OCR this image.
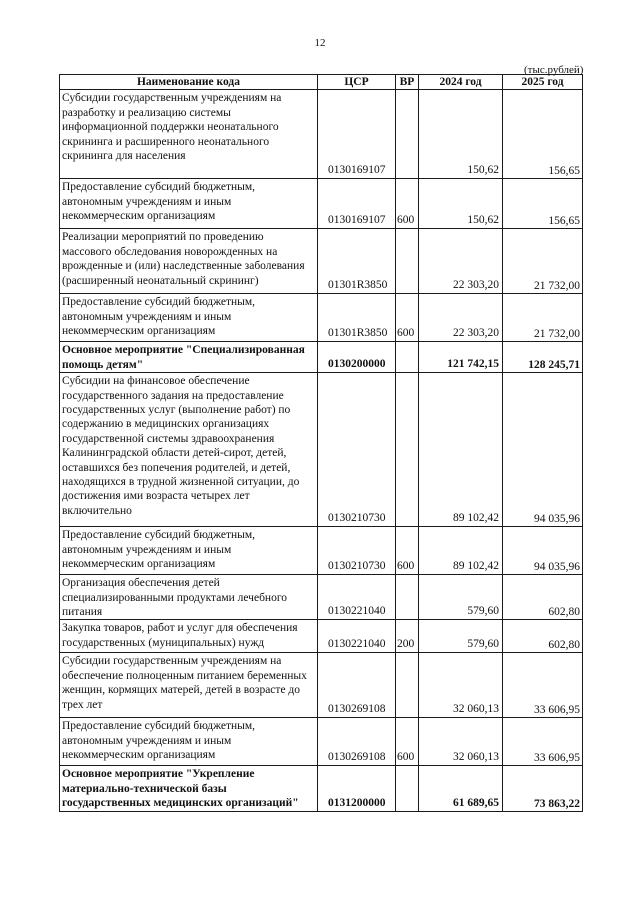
12
(тыс.рублей)
Наименование кода	ЦСР	ВР	2024 год	2025 год
Субсидии государственным учреждениям на разработку и реализацию системы информационной поддержки неонатального скрининга и расширенного неонатального скрининга для населения	0130169107		150,62	156,65
Предоставление субсидий бюджетным, автономным учреждениям и иным некоммерческим организациям	0130169107	600	150,62	156,65
Реализации мероприятий по проведению массового обследования новорожденных на врожденные и (или) наследственные заболевания (расширенный неонатальный скрининг)	01301R3850		22 303,20	21 732,00
Предоставление субсидий бюджетным, автономным учреждениям и иным некоммерческим организациям	01301R3850	600	22 303,20	21 732,00
Основное мероприятие "Специализированная помощь детям"	0130200000		121 742,15	128 245,71
Субсидии на финансовое обеспечение государственного задания на предоставление государственных услуг (выполнение работ) по содержанию в медицинских организациях государственной системы здравоохранения Калининградской области детей-сирот, детей, оставшихся без попечения родителей, и детей, находящихся в трудной жизненной ситуации, до достижения ими возраста четырех лет включительно	0130210730		89 102,42	94 035,96
Предоставление субсидий бюджетным, автономным учреждениям и иным некоммерческим организациям	0130210730	600	89 102,42	94 035,96
Организация обеспечения детей специализированными продуктами лечебного питания	0130221040		579,60	602,80
Закупка товаров, работ и услуг для обеспечения государственных (муниципальных) нужд	0130221040	200	579,60	602,80
Субсидии государственным учреждениям на обеспечение полноценным питанием беременных женщин, кормящих матерей, детей в возрасте до трех лет	0130269108		32 060,13	33 606,95
Предоставление субсидий бюджетным, автономным учреждениям и иным некоммерческим организациям	0130269108	600	32 060,13	33 606,95
Основное мероприятие "Укрепление материально-технической базы государственных медицинских организаций"	0131200000		61 689,65	73 863,22
